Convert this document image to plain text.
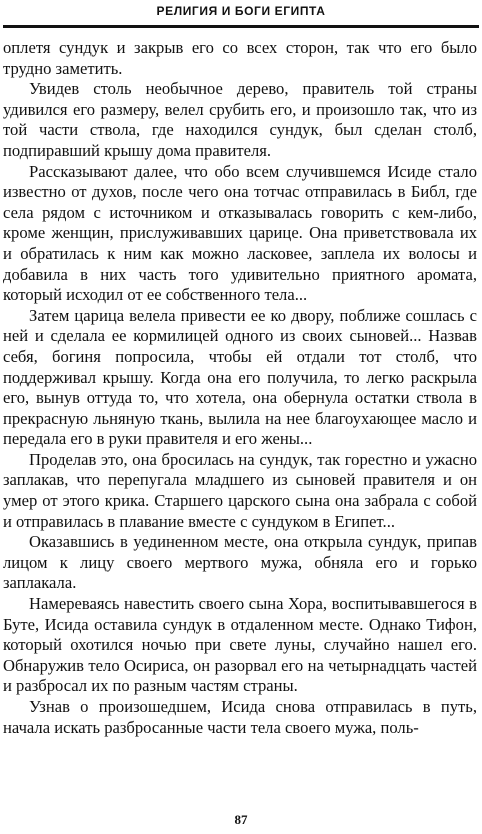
РЕЛИГИЯ И БОГИ ЕГИПТА

оплетя сундук и закрыв его со всех сторон, так что его было трудно заметить.

Увидев столь необычное дерево, правитель той страны удивился его размеру, велел срубить его, и произошло так, что из той части ствола, где находился сундук, был сделан столб, подпиравший крышу дома правителя.

Рассказывают далее, что обо всем случившемся Исиде стало известно от духов, после чего она тотчас отправилась в Библ, где села рядом с источником и отказывалась говорить с кем-либо, кроме женщин, прислуживавших царице. Она приветствовала их и обратилась к ним как можно ласковее, заплела их волосы и добавила в них часть того удивительно приятного аромата, который исходил от ее собственного тела...

Затем царица велела привести ее ко двору, поближе сошлась с ней и сделала ее кормилицей одного из своих сыновей... Назвав себя, богиня попросила, чтобы ей отдали тот столб, что поддерживал крышу. Когда она его получила, то легко раскрыла его, вынув оттуда то, что хотела, она обернула остатки ствола в прекрасную льняную ткань, вылила на нее благоухающее масло и передала его в руки правителя и его жены...

Проделав это, она бросилась на сундук, так горестно и ужасно заплакав, что перепугала младшего из сыновей правителя и он умер от этого крика. Старшего царского сына она забрала с собой и отправилась в плавание вместе с сундуком в Египет...

Оказавшись в уединенном месте, она открыла сундук, припав лицом к лицу своего мертвого мужа, обняла его и горько заплакала.

Намереваясь навестить своего сына Хора, воспитывавшегося в Буте, Исида оставила сундук в отдаленном месте. Однако Тифон, который охотился ночью при свете луны, случайно нашел его. Обнаружив тело Осириса, он разорвал его на четырнадцать частей и разбросал их по разным частям страны.

Узнав о произошедшем, Исида снова отправилась в путь, начала искать разбросанные части тела своего мужа, поль-

87
